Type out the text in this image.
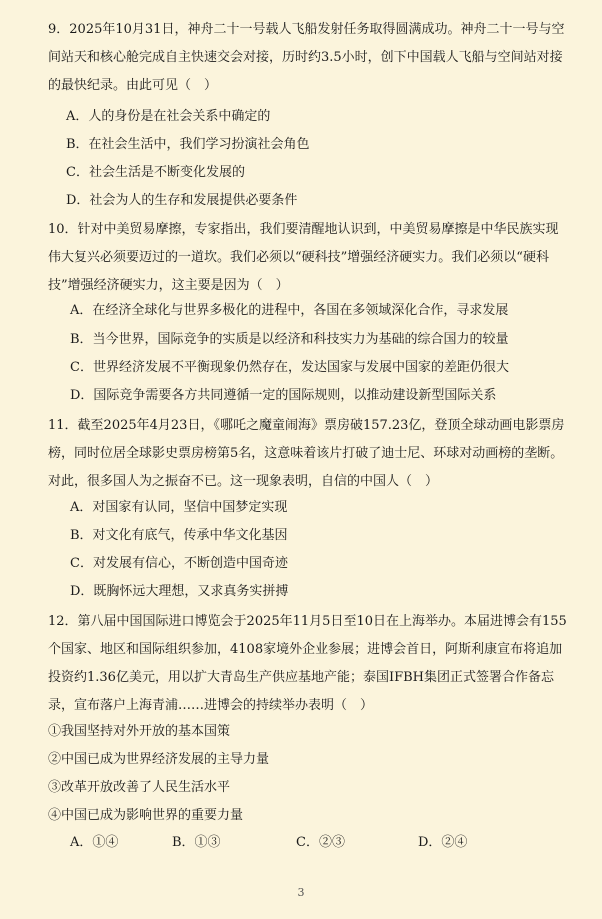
9．2025年10月31日，神舟二十一号载人飞船发射任务取得圆满成功。神舟二十一号与空间站天和核心舱完成自主快速交会对接，历时约3.5小时，创下中国载人飞船与空间站对接的最快纪录。由此可见（　）

A．人的身份是在社会关系中确定的
B．在社会生活中，我们学习扮演社会角色
C．社会生活是不断变化发展的
D．社会为人的生存和发展提供必要条件

10．针对中美贸易摩擦，专家指出，我们要清醒地认识到，中美贸易摩擦是中华民族实现伟大复兴必须要迈过的一道坎。我们必须以“硬科技”增强经济硬实力。我们必须以“硬科技”增强经济硬实力，这主要是因为（　）

A．在经济全球化与世界多极化的进程中，各国在多领域深化合作，寻求发展
B．当今世界，国际竞争的实质是以经济和科技实力为基础的综合国力的较量
C．世界经济发展不平衡现象仍然存在，发达国家与发展中国家的差距仍很大
D．国际竞争需要各方共同遵循一定的国际规则，以推动建设新型国际关系

11．截至2025年4月23日，《哪吒之魔童闹海》票房破157.23亿，登顶全球动画电影票房榜，同时位居全球影史票房榜第5名，这意味着该片打破了迪士尼、环球对动画榜的垄断。对此，很多国人为之振奋不已。这一现象表明，自信的中国人（　）

A．对国家有认同，坚信中国梦定实现
B．对文化有底气，传承中华文化基因
C．对发展有信心，不断创造中国奇迹
D．既胸怀远大理想，又求真务实拼搏

12．第八届中国国际进口博览会于2025年11月5日至10日在上海举办。本届进博会有155个国家、地区和国际组织参加，4108家境外企业参展；进博会首日，阿斯利康宣布将追加投资约1.36亿美元，用以扩大青岛生产供应基地产能；泰国IFBH集团正式签署合作备忘录，宣布落户上海青浦……进博会的持续举办表明（　）

①我国坚持对外开放的基本国策
②中国已成为世界经济发展的主导力量
③改革开放改善了人民生活水平
④中国已成为影响世界的重要力量
A．①④	B．①③	C．②③	D．②④
3
